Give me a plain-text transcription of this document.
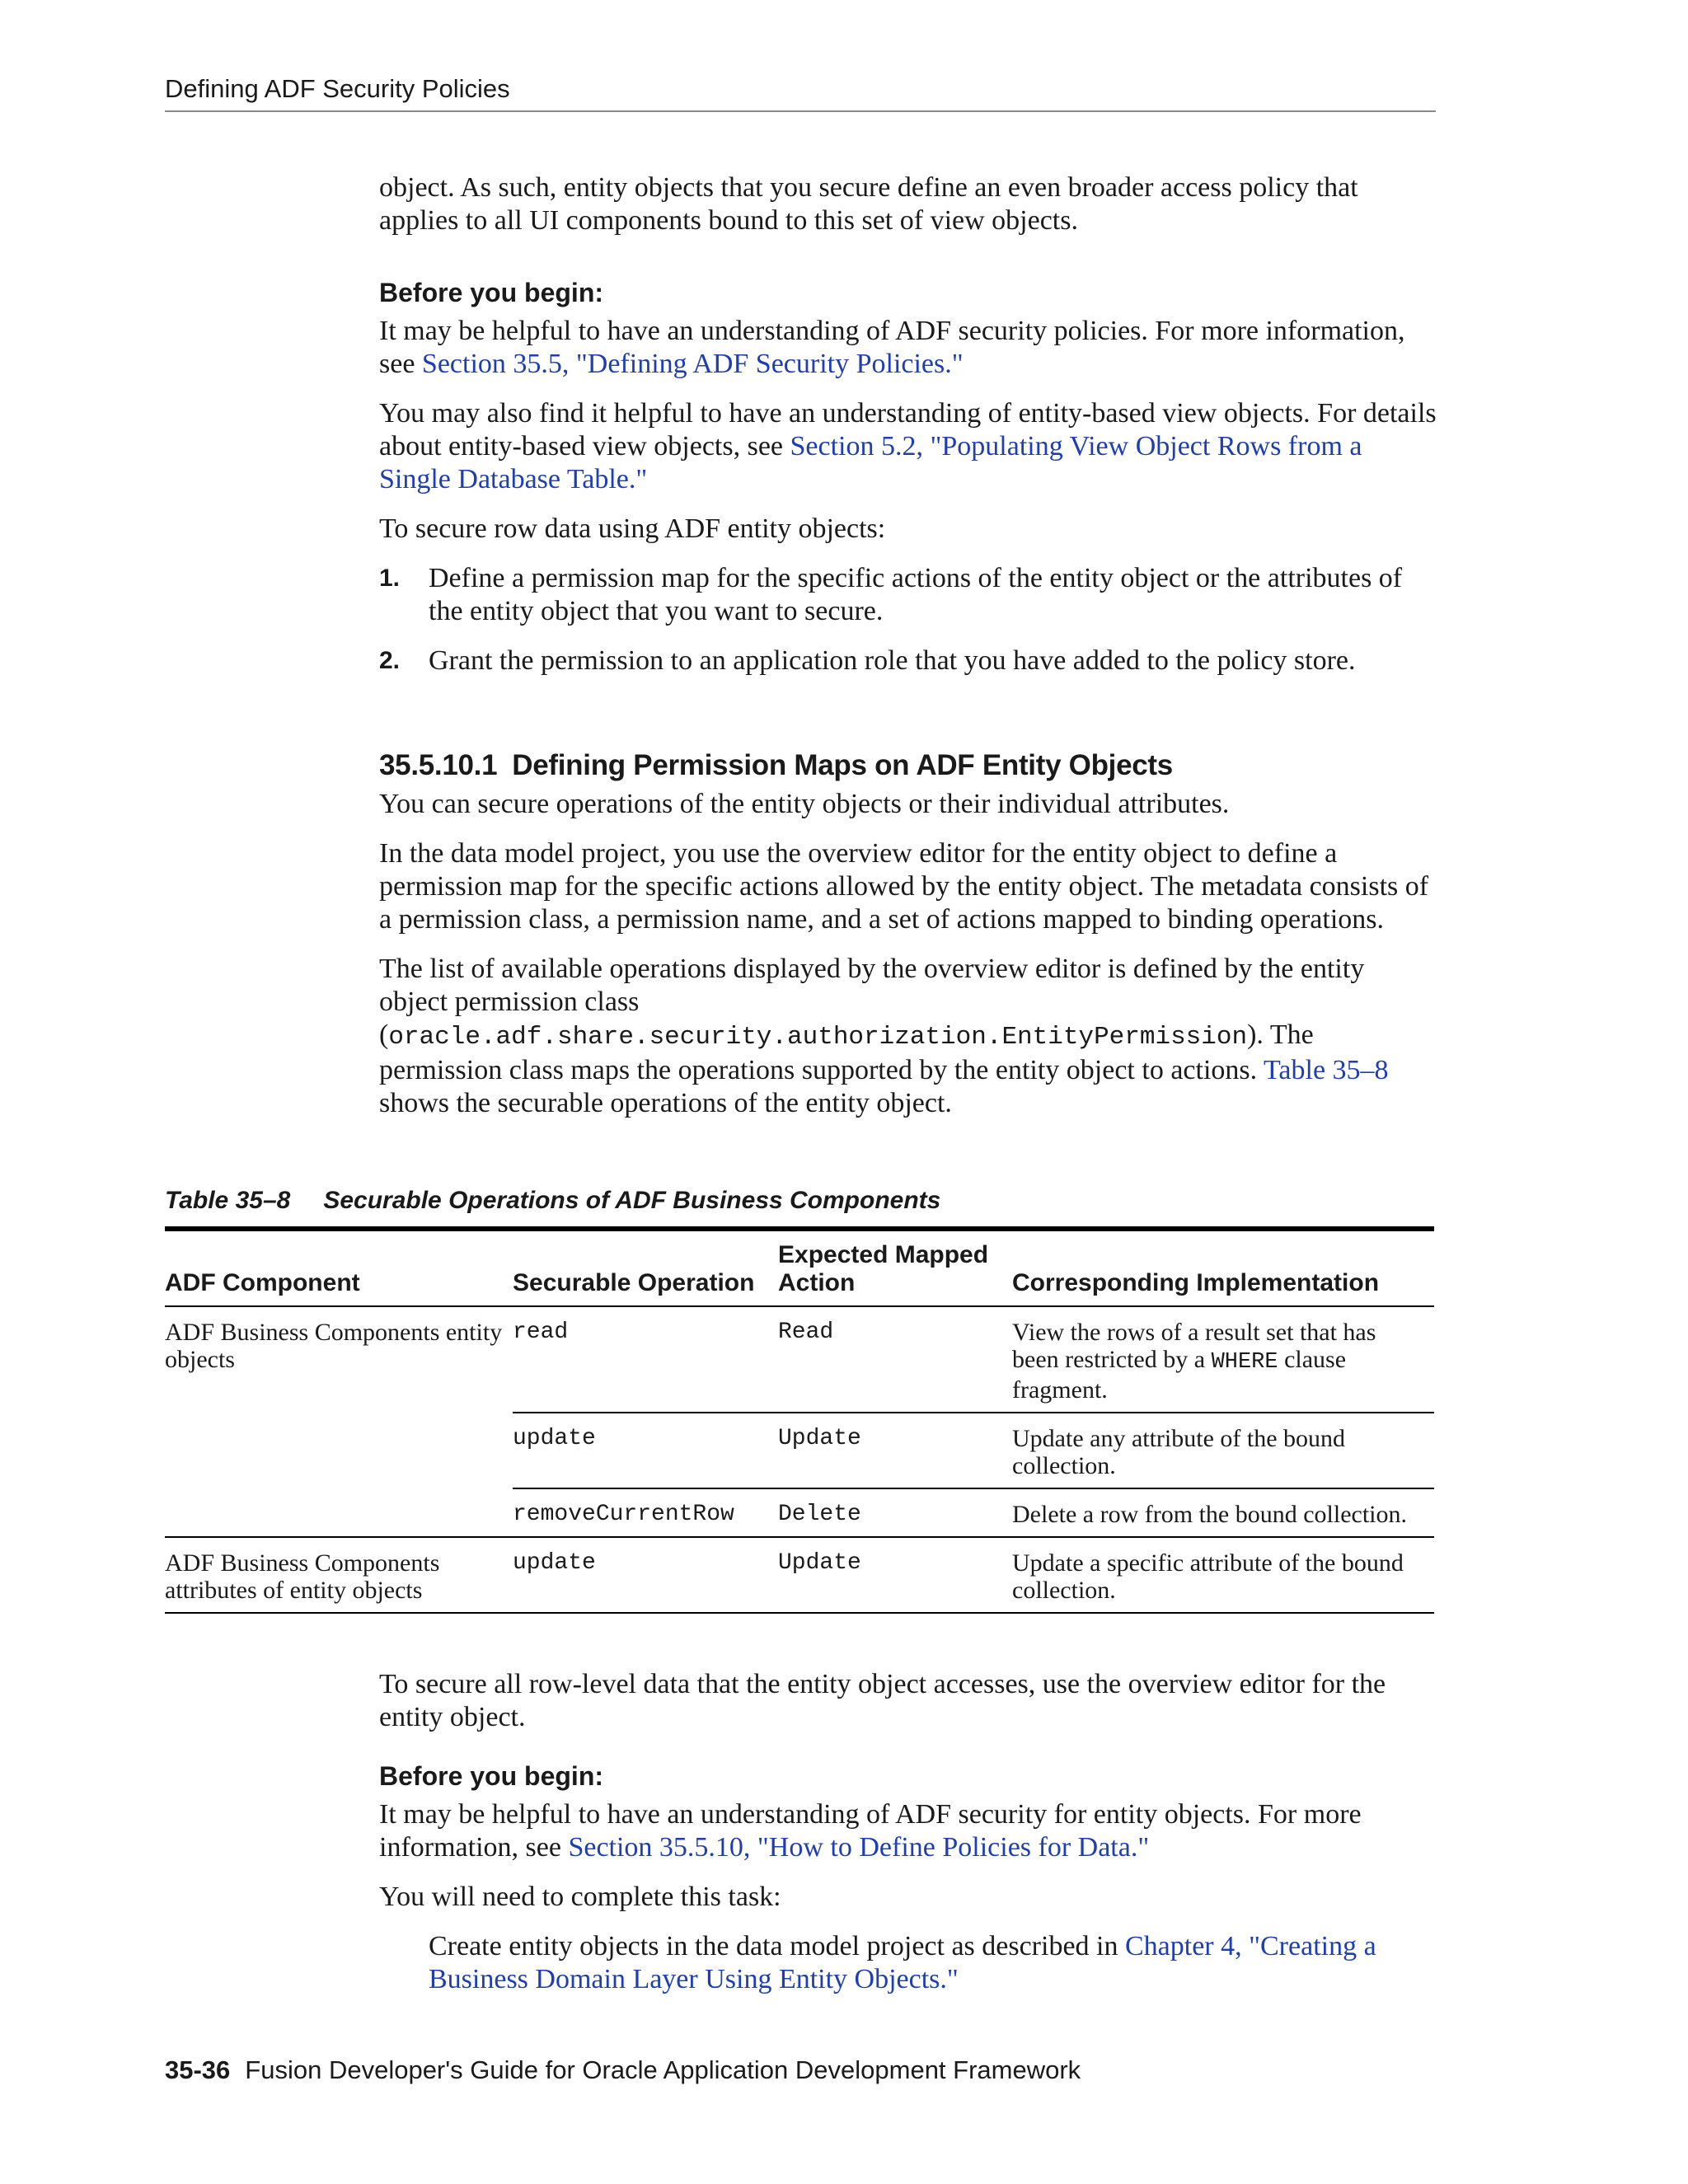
Defining ADF Security Policies

object. As such, entity objects that you secure define an even broader access policy that applies to all UI components bound to this set of view objects.

Before you begin:

It may be helpful to have an understanding of ADF security policies. For more information, see Section 35.5, "Defining ADF Security Policies."

You may also find it helpful to have an understanding of entity-based view objects. For details about entity-based view objects, see Section 5.2, "Populating View Object Rows from a Single Database Table."

To secure row data using ADF entity objects:

1. Define a permission map for the specific actions of the entity object or the attributes of the entity object that you want to secure.

2. Grant the permission to an application role that you have added to the policy store.

35.5.10.1 Defining Permission Maps on ADF Entity Objects

You can secure operations of the entity objects or their individual attributes.

In the data model project, you use the overview editor for the entity object to define a permission map for the specific actions allowed by the entity object. The metadata consists of a permission class, a permission name, and a set of actions mapped to binding operations.

The list of available operations displayed by the overview editor is defined by the entity object permission class (oracle.adf.share.security.authorization.EntityPermission). The permission class maps the operations supported by the entity object to actions. Table 35–8 shows the securable operations of the entity object.

Table 35–8 Securable Operations of ADF Business Components
ADF Component	Securable Operation	Expected Mapped Action	Corresponding Implementation
ADF Business Components entity objects	read	Read	View the rows of a result set that has been restricted by a WHERE clause fragment.
	update	Update	Update any attribute of the bound collection.
	removeCurrentRow	Delete	Delete a row from the bound collection.
ADF Business Components attributes of entity objects	update	Update	Update a specific attribute of the bound collection.

To secure all row-level data that the entity object accesses, use the overview editor for the entity object.

Before you begin:

It may be helpful to have an understanding of ADF security for entity objects. For more information, see Section 35.5.10, "How to Define Policies for Data."

You will need to complete this task:

Create entity objects in the data model project as described in Chapter 4, "Creating a Business Domain Layer Using Entity Objects."

35-36 Fusion Developer's Guide for Oracle Application Development Framework
